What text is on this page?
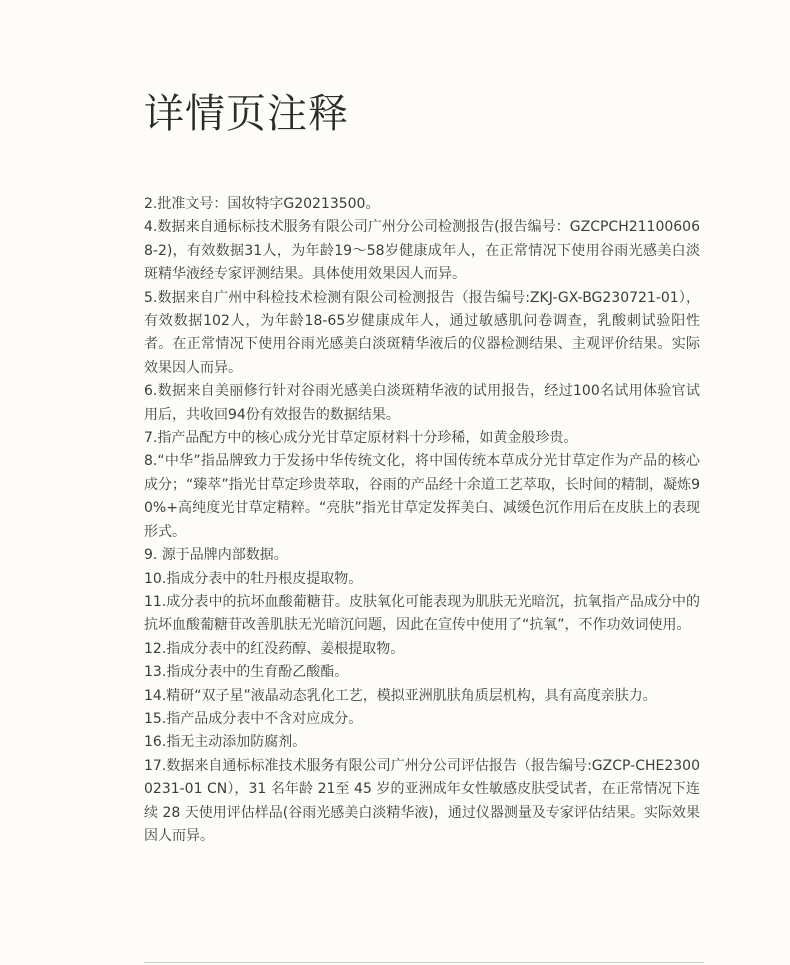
详情页注释

2.批准文号：国妆特字G20213500。

4.数据来自通标标技术服务有限公司广州分公司检测报告(报告编号：GZCPCH211006068-2)，有效数据31人，为年龄19～58岁健康成年人，在正常情况下使用谷雨光感美白淡斑精华液经专家评测结果。具体使用效果因人而异。

5.数据来自广州中科检技术检测有限公司检测报告（报告编号:ZKJ-GX-BG230721-01），有效数据102人，为年龄18-65岁健康成年人，通过敏感肌问卷调查，乳酸刺试验阳性者。在正常情况下使用谷雨光感美白淡斑精华液后的仪器检测结果、主观评价结果。实际效果因人而异。

6.数据来自美丽修行针对谷雨光感美白淡斑精华液的试用报告，经过100名试用体验官试用后，共收回94份有效报告的数据结果。

7.指产品配方中的核心成分光甘草定原材料十分珍稀，如黄金般珍贵。

8.“中华”指品牌致力于发扬中华传统文化，将中国传统本草成分光甘草定作为产品的核心成分；“臻萃”指光甘草定珍贵萃取，谷雨的产品经十余道工艺萃取，长时间的精制，凝炼90%+高纯度光甘草定精粹。“亮肤”指光甘草定发挥美白、减缓色沉作用后在皮肤上的表现形式。

9. 源于品牌内部数据。

10.指成分表中的牡丹根皮提取物。

11.成分表中的抗坏血酸葡糖苷。皮肤氧化可能表现为肌肤无光暗沉，抗氧指产品成分中的抗坏血酸葡糖苷改善肌肤无光暗沉问题，因此在宣传中使用了“抗氧”，不作功效词使用。

12.指成分表中的红没药醇、姜根提取物。

13.指成分表中的生育酚乙酸酯。

14.精研“双子星”液晶动态乳化工艺，模拟亚洲肌肤角质层机构，具有高度亲肤力。

15.指产品成分表中不含对应成分。

16.指无主动添加防腐剂。

17.数据来自通标标准技术服务有限公司广州分公司评估报告（报告编号:GZCP-CHE23000231-01 CN），31 名年龄 21至 45 岁的亚洲成年女性敏感皮肤受试者，在正常情况下连续 28 天使用评估样品(谷雨光感美白淡精华液)，通过仪器测量及专家评估结果。实际效果因人而异。
